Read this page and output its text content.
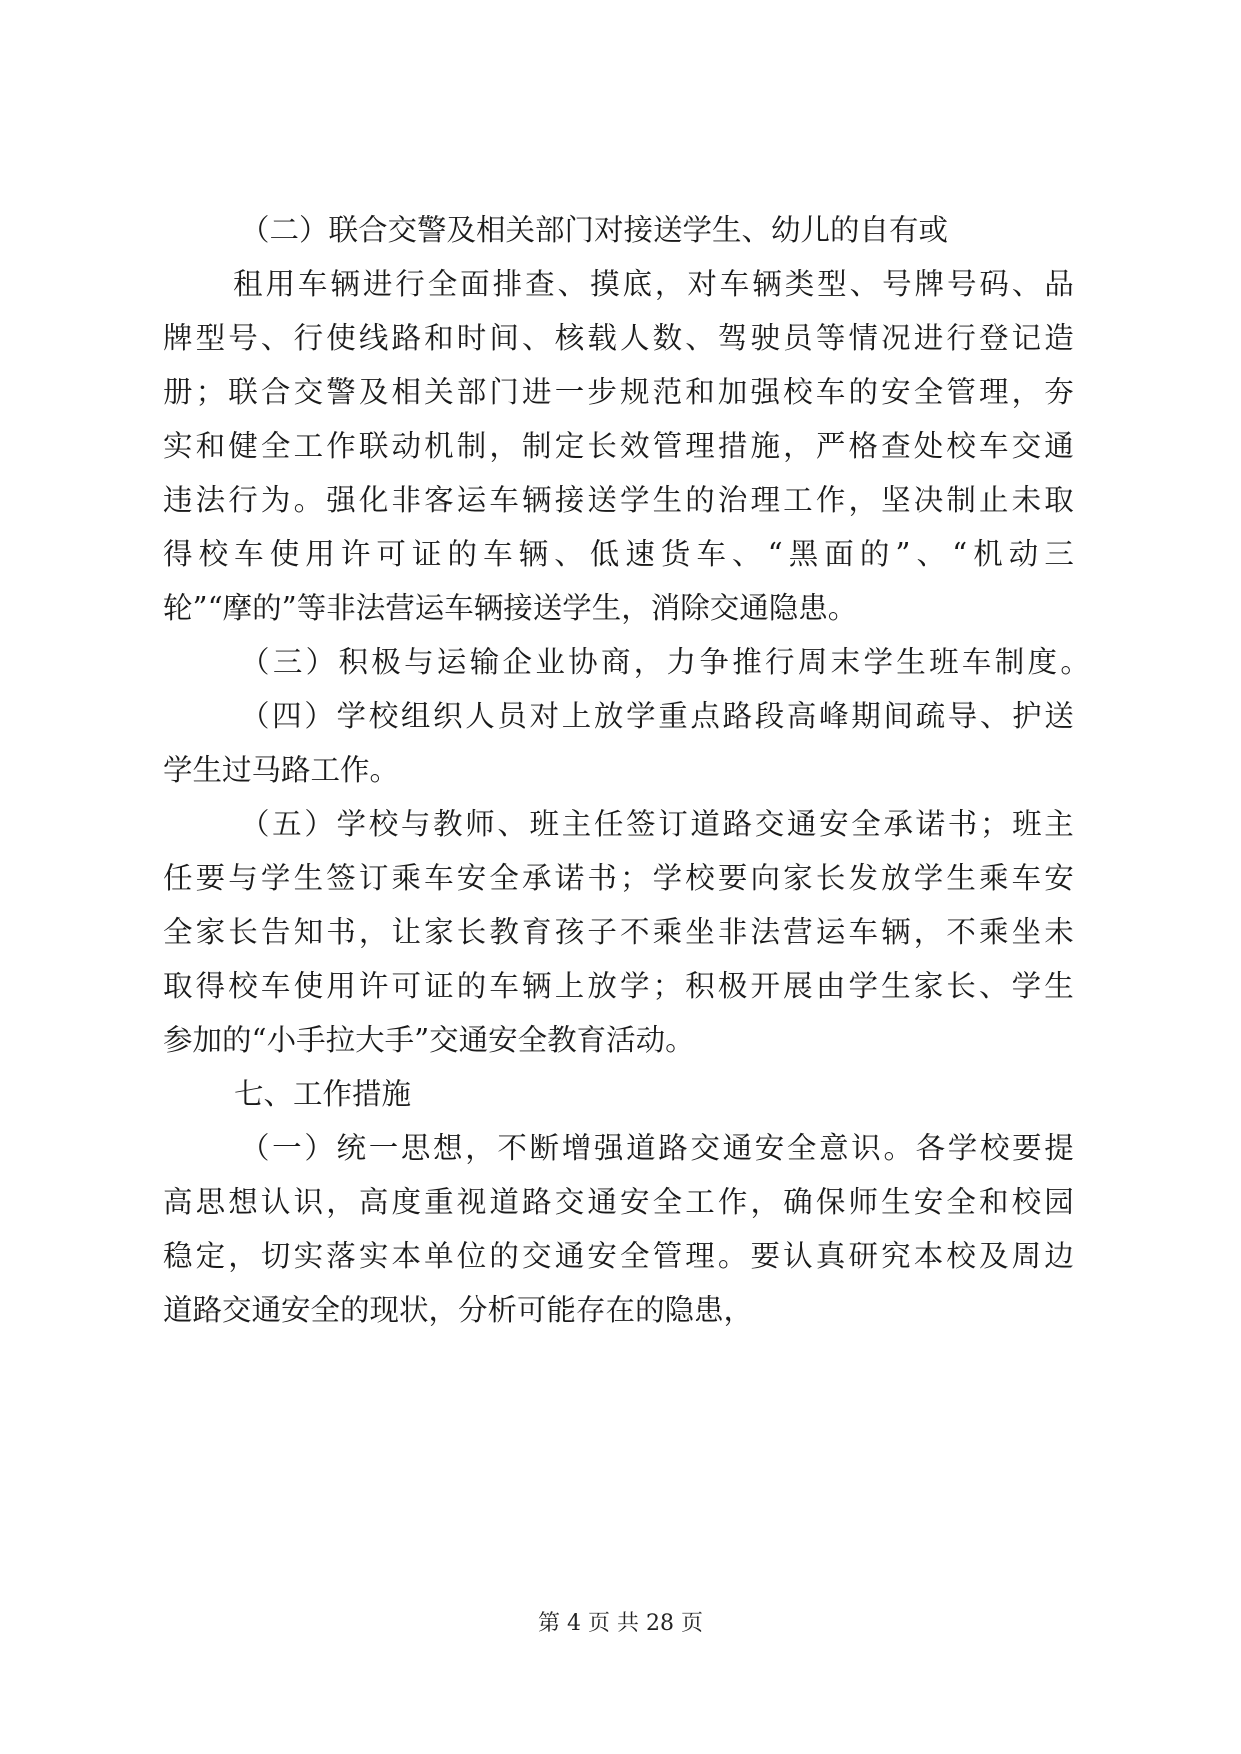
（二）联合交警及相关部门对接送学生、幼儿的自有或
租 用 车 辆 进 行 全 面 排 查 、 摸 底 ， 对 车 辆 类 型 、 号 牌 号 码 、 品
牌 型 号 、 行 使 线 路 和 时 间 、 核 载 人 数 、 驾 驶 员 等 情 况 进 行 登 记 造
册 ； 联 合 交 警 及 相 关 部 门 进 一 步 规 范 和 加 强 校 车 的 安 全 管 理 ， 夯
实 和 健 全 工 作 联 动 机 制 ， 制 定 长 效 管 理 措 施 ， 严 格 查 处 校 车 交 通
违 法 行 为 。 强 化 非 客 运 车 辆 接 送 学 生 的 治 理 工 作 ， 坚 决 制 止 未 取
得 校 车 使 用 许 可 证 的 车 辆 、 低 速 货 车 、 “ 黑 面 的 ” 、 “ 机 动 三
轮”“摩的”等非法营运车辆接送学生，消除交通隐患。
（ 三 ） 积 极 与 运 输 企 业 协 商 ， 力 争 推 行 周 末 学 生 班 车 制 度 。
（ 四 ） 学 校 组 织 人 员 对 上 放 学 重 点 路 段 高 峰 期 间 疏 导 、 护 送
学生过马路工作。
（ 五 ） 学 校 与 教 师 、 班 主 任 签 订 道 路 交 通 安 全 承 诺 书 ； 班 主
任 要 与 学 生 签 订 乘 车 安 全 承 诺 书 ； 学 校 要 向 家 长 发 放 学 生 乘 车 安
全 家 长 告 知 书 ， 让 家 长 教 育 孩 子 不 乘 坐 非 法 营 运 车 辆 ， 不 乘 坐 未
取 得 校 车 使 用 许 可 证 的 车 辆 上 放 学 ； 积 极 开 展 由 学 生 家 长 、 学 生
参加的“小手拉大手”交通安全教育活动。
七、工作措施
（ 一 ） 统 一 思 想 ， 不 断 增 强 道 路 交 通 安 全 意 识 。 各 学 校 要 提
高 思 想 认 识 ， 高 度 重 视 道 路 交 通 安 全 工 作 ， 确 保 师 生 安 全 和 校 园
稳 定 ， 切 实 落 实 本 单 位 的 交 通 安 全 管 理 。 要 认 真 研 究 本 校 及 周 边
道路交通安全的现状，分析可能存在的隐患，
第 4 页 共 28 页
